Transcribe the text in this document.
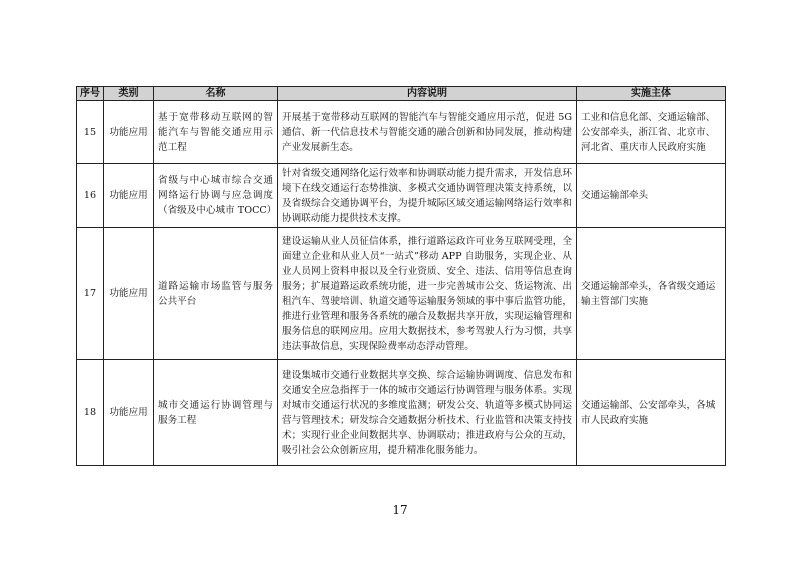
序号	类别	名称	内容说明	实施主体
15	功能应用	基于宽带移动互联网的智能汽车与智能交通应用示范工程	开展基于宽带移动互联网的智能汽车与智能交通应用示范，促进 5G 通信、新一代信息技术与智能交通的融合创新和协同发展，推动构建产业发展新生态。	工业和信息化部、交通运输部、公安部牵头，浙江省、北京市、河北省、重庆市人民政府实施
16	功能应用	省级与中心城市综合交通网络运行协调与应急调度（省级及中心城市 TOCC）	针对省级交通网络化运行效率和协调联动能力提升需求，开发信息环境下在线交通运行态势推演、多模式交通协调管理决策支持系统，以及省级综合交通协调平台，为提升城际区域交通运输网络运行效率和协调联动能力提供技术支撑。	交通运输部牵头
17	功能应用	道路运输市场监管与服务公共平台	建设运输从业人员征信体系，推行道路运政许可业务互联网受理，全面建立企业和从业人员“一站式”移动 APP 自助服务，实现企业、从业人员网上资料申报以及全行业资质、安全、违法、信用等信息查询服务；扩展道路运政系统功能，进一步完善城市公交、货运物流、出租汽车、驾驶培训、轨道交通等运输服务领域的事中事后监管功能，推进行业管理和服务各系统的融合及数据共享开放，实现运输管理和服务信息的联网应用。应用大数据技术，参考驾驶人行为习惯，共享违法事故信息，实现保险费率动态浮动管理。	交通运输部牵头，各省级交通运输主管部门实施
18	功能应用	城市交通运行协调管理与服务工程	建设集城市交通行业数据共享交换、综合运输协调调度、信息发布和交通安全应急指挥于一体的城市交通运行协调管理与服务体系。实现对城市交通运行状况的多维度监测；研发公交、轨道等多模式协同运营与管理技术；研发综合交通数据分析技术、行业监管和决策支持技术；实现行业企业间数据共享、协调联动；推进政府与公众的互动，吸引社会公众创新应用，提升精准化服务能力。	交通运输部、公安部牵头，各城市人民政府实施
17
